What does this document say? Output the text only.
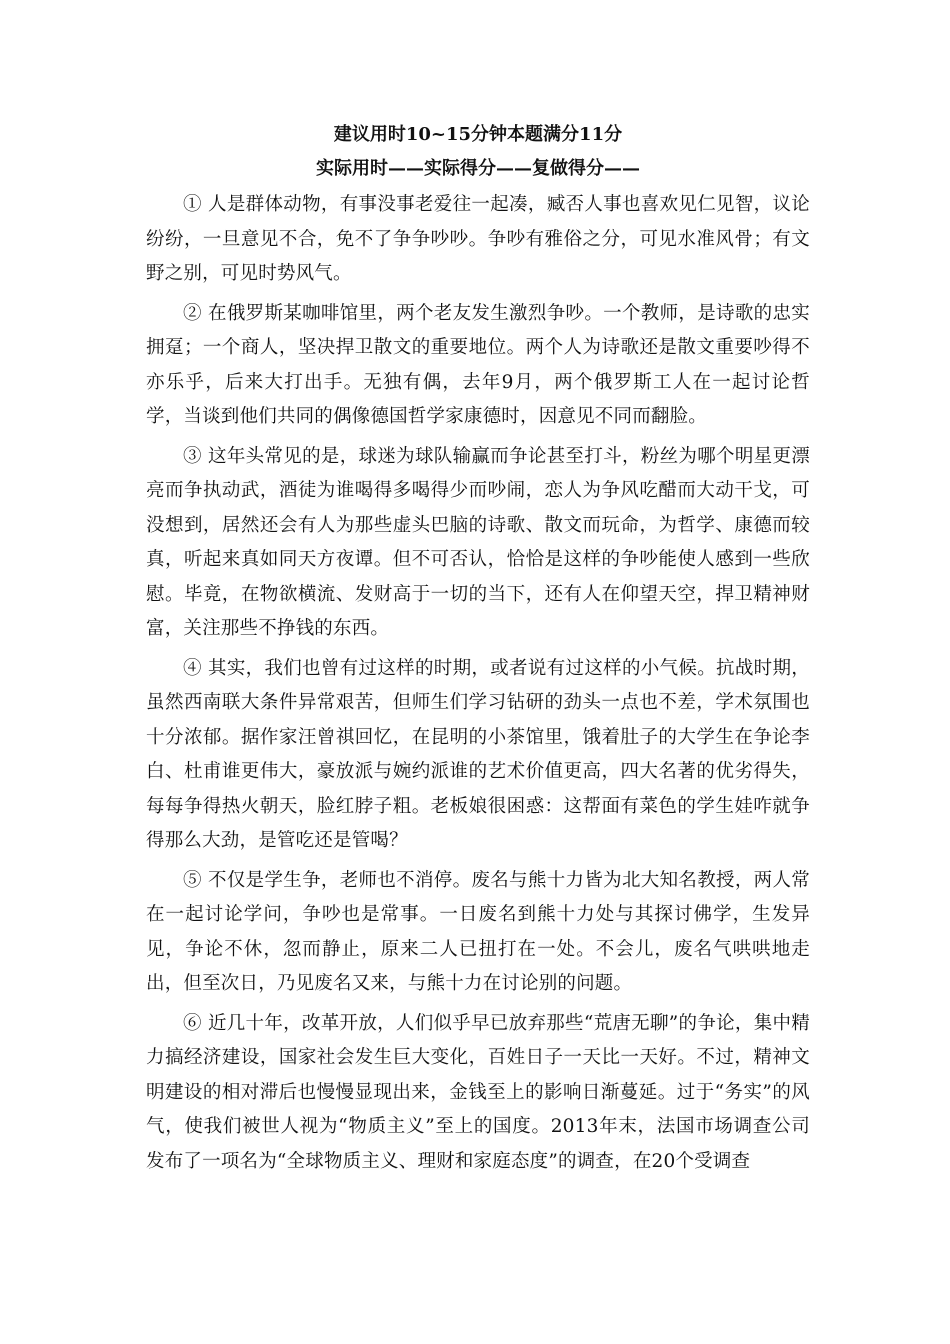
建议用时10~15分钟本题满分11分

实际用时——实际得分——复做得分——

① 人是群体动物，有事没事老爱往一起凑，臧否人事也喜欢见仁见智，议论纷纷，一旦意见不合，免不了争争吵吵。争吵有雅俗之分，可见水准风骨；有文野之别，可见时势风气。

② 在俄罗斯某咖啡馆里，两个老友发生激烈争吵。一个教师，是诗歌的忠实拥趸；一个商人，坚决捍卫散文的重要地位。两个人为诗歌还是散文重要吵得不亦乐乎，后来大打出手。无独有偶，去年9月，两个俄罗斯工人在一起讨论哲学，当谈到他们共同的偶像德国哲学家康德时，因意见不同而翻脸。

③ 这年头常见的是，球迷为球队输赢而争论甚至打斗，粉丝为哪个明星更漂亮而争执动武，酒徒为谁喝得多喝得少而吵闹，恋人为争风吃醋而大动干戈，可没想到，居然还会有人为那些虚头巴脑的诗歌、散文而玩命，为哲学、康德而较真，听起来真如同天方夜谭。但不可否认，恰恰是这样的争吵能使人感到一些欣慰。毕竟，在物欲横流、发财高于一切的当下，还有人在仰望天空，捍卫精神财富，关注那些不挣钱的东西。

④ 其实，我们也曾有过这样的时期，或者说有过这样的小气候。抗战时期，虽然西南联大条件异常艰苦，但师生们学习钻研的劲头一点也不差，学术氛围也十分浓郁。据作家汪曾祺回忆，在昆明的小茶馆里，饿着肚子的大学生在争论李白、杜甫谁更伟大，豪放派与婉约派谁的艺术价值更高，四大名著的优劣得失，每每争得热火朝天，脸红脖子粗。老板娘很困惑：这帮面有菜色的学生娃咋就争得那么大劲，是管吃还是管喝？

⑤ 不仅是学生争，老师也不消停。废名与熊十力皆为北大知名教授，两人常在一起讨论学问，争吵也是常事。一日废名到熊十力处与其探讨佛学，生发异见，争论不休，忽而静止，原来二人已扭打在一处。不会儿，废名气哄哄地走出，但至次日，乃见废名又来，与熊十力在讨论别的问题。

⑥ 近几十年，改革开放，人们似乎早已放弃那些“荒唐无聊”的争论，集中精力搞经济建设，国家社会发生巨大变化，百姓日子一天比一天好。不过，精神文明建设的相对滞后也慢慢显现出来，金钱至上的影响日渐蔓延。过于“务实”的风气，使我们被世人视为“物质主义”至上的国度。2013年末，法国市场调查公司发布了一项名为“全球物质主义、理财和家庭态度”的调查，在20个受调查
